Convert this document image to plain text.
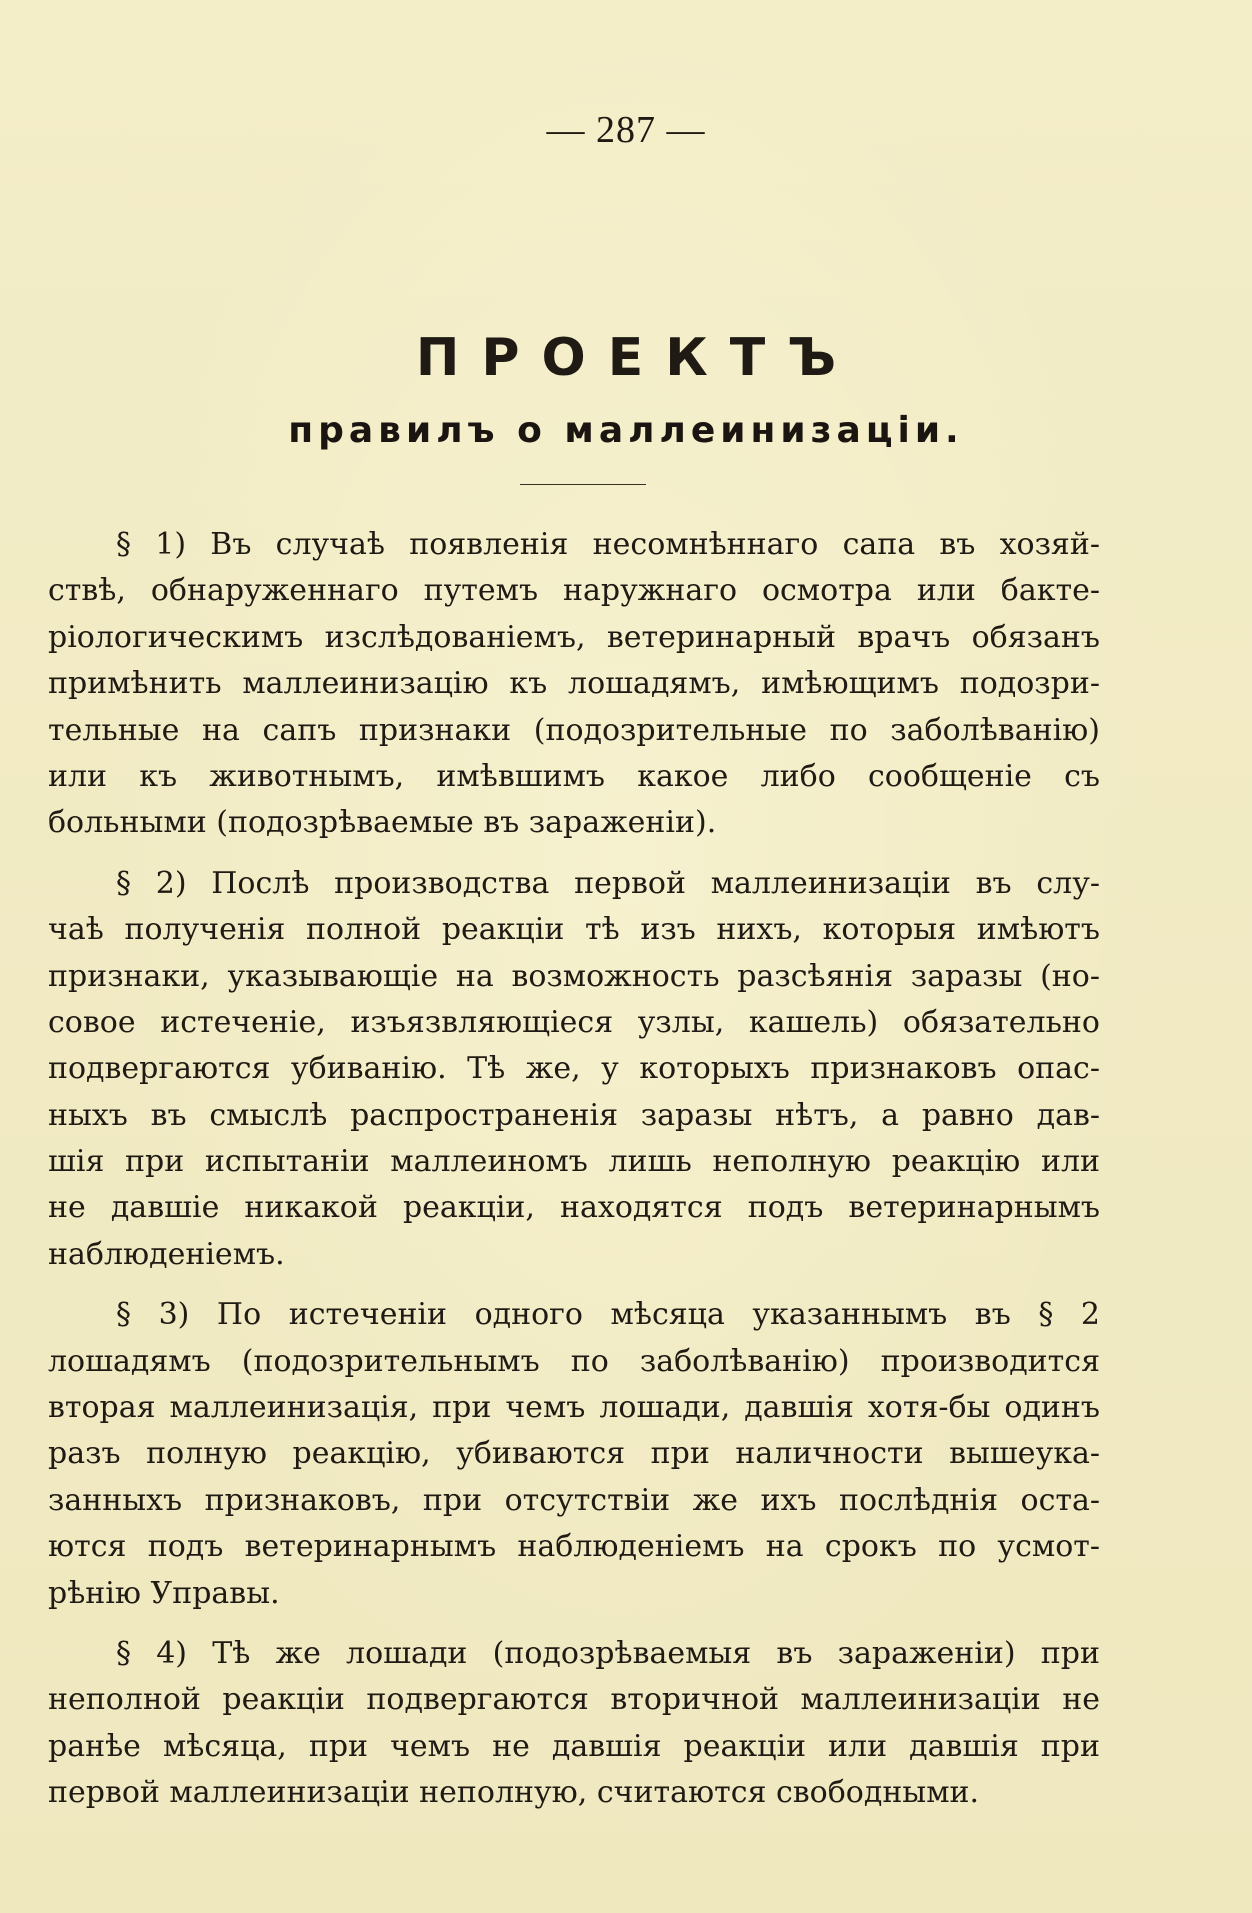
— 287 —
ПРОЕКТЪ
правилъ о маллеинизаціи.
§ 1) Въ случаѣ появленія несомнѣннаго сапа въ хозяй-
ствѣ, обнаруженнаго путемъ наружнаго осмотра или бакте-
ріологическимъ изслѣдованіемъ, ветеринарный врачъ обязанъ
примѣнить маллеинизацію къ лошадямъ, имѣющимъ подозри-
тельные на сапъ признаки (подозрительные по заболѣванію)
или къ животнымъ, имѣвшимъ какое либо сообщеніе съ
больными (подозрѣваемые въ зараженіи).
§ 2) Послѣ производства первой маллеинизаціи въ слу-
чаѣ полученія полной реакціи тѣ изъ нихъ, которыя имѣютъ
признаки, указывающіе на возможность разсѣянія заразы (но-
совое истеченіе, изъязвляющіеся узлы, кашель) обязательно
подвергаются убиванію. Тѣ же, у которыхъ признаковъ опас-
ныхъ въ смыслѣ распространенія заразы нѣтъ, а равно дав-
шія при испытаніи маллеиномъ лишь неполную реакцію или
не давшіе никакой реакціи, находятся подъ ветеринарнымъ
наблюденіемъ.
§ 3) По истеченіи одного мѣсяца указаннымъ въ § 2
лошадямъ (подозрительнымъ по заболѣванію) производится
вторая маллеинизація, при чемъ лошади, давшія хотя-бы одинъ
разъ полную реакцію, убиваются при наличности вышеука-
занныхъ признаковъ, при отсутствіи же ихъ послѣднія оста-
ются подъ ветеринарнымъ наблюденіемъ на срокъ по усмот-
рѣнію Управы.
§ 4) Тѣ же лошади (подозрѣваемыя въ зараженіи) при
неполной реакціи подвергаются вторичной маллеинизаціи не
ранѣе мѣсяца, при чемъ не давшія реакціи или давшія при
первой маллеинизаціи неполную, считаются свободными.
